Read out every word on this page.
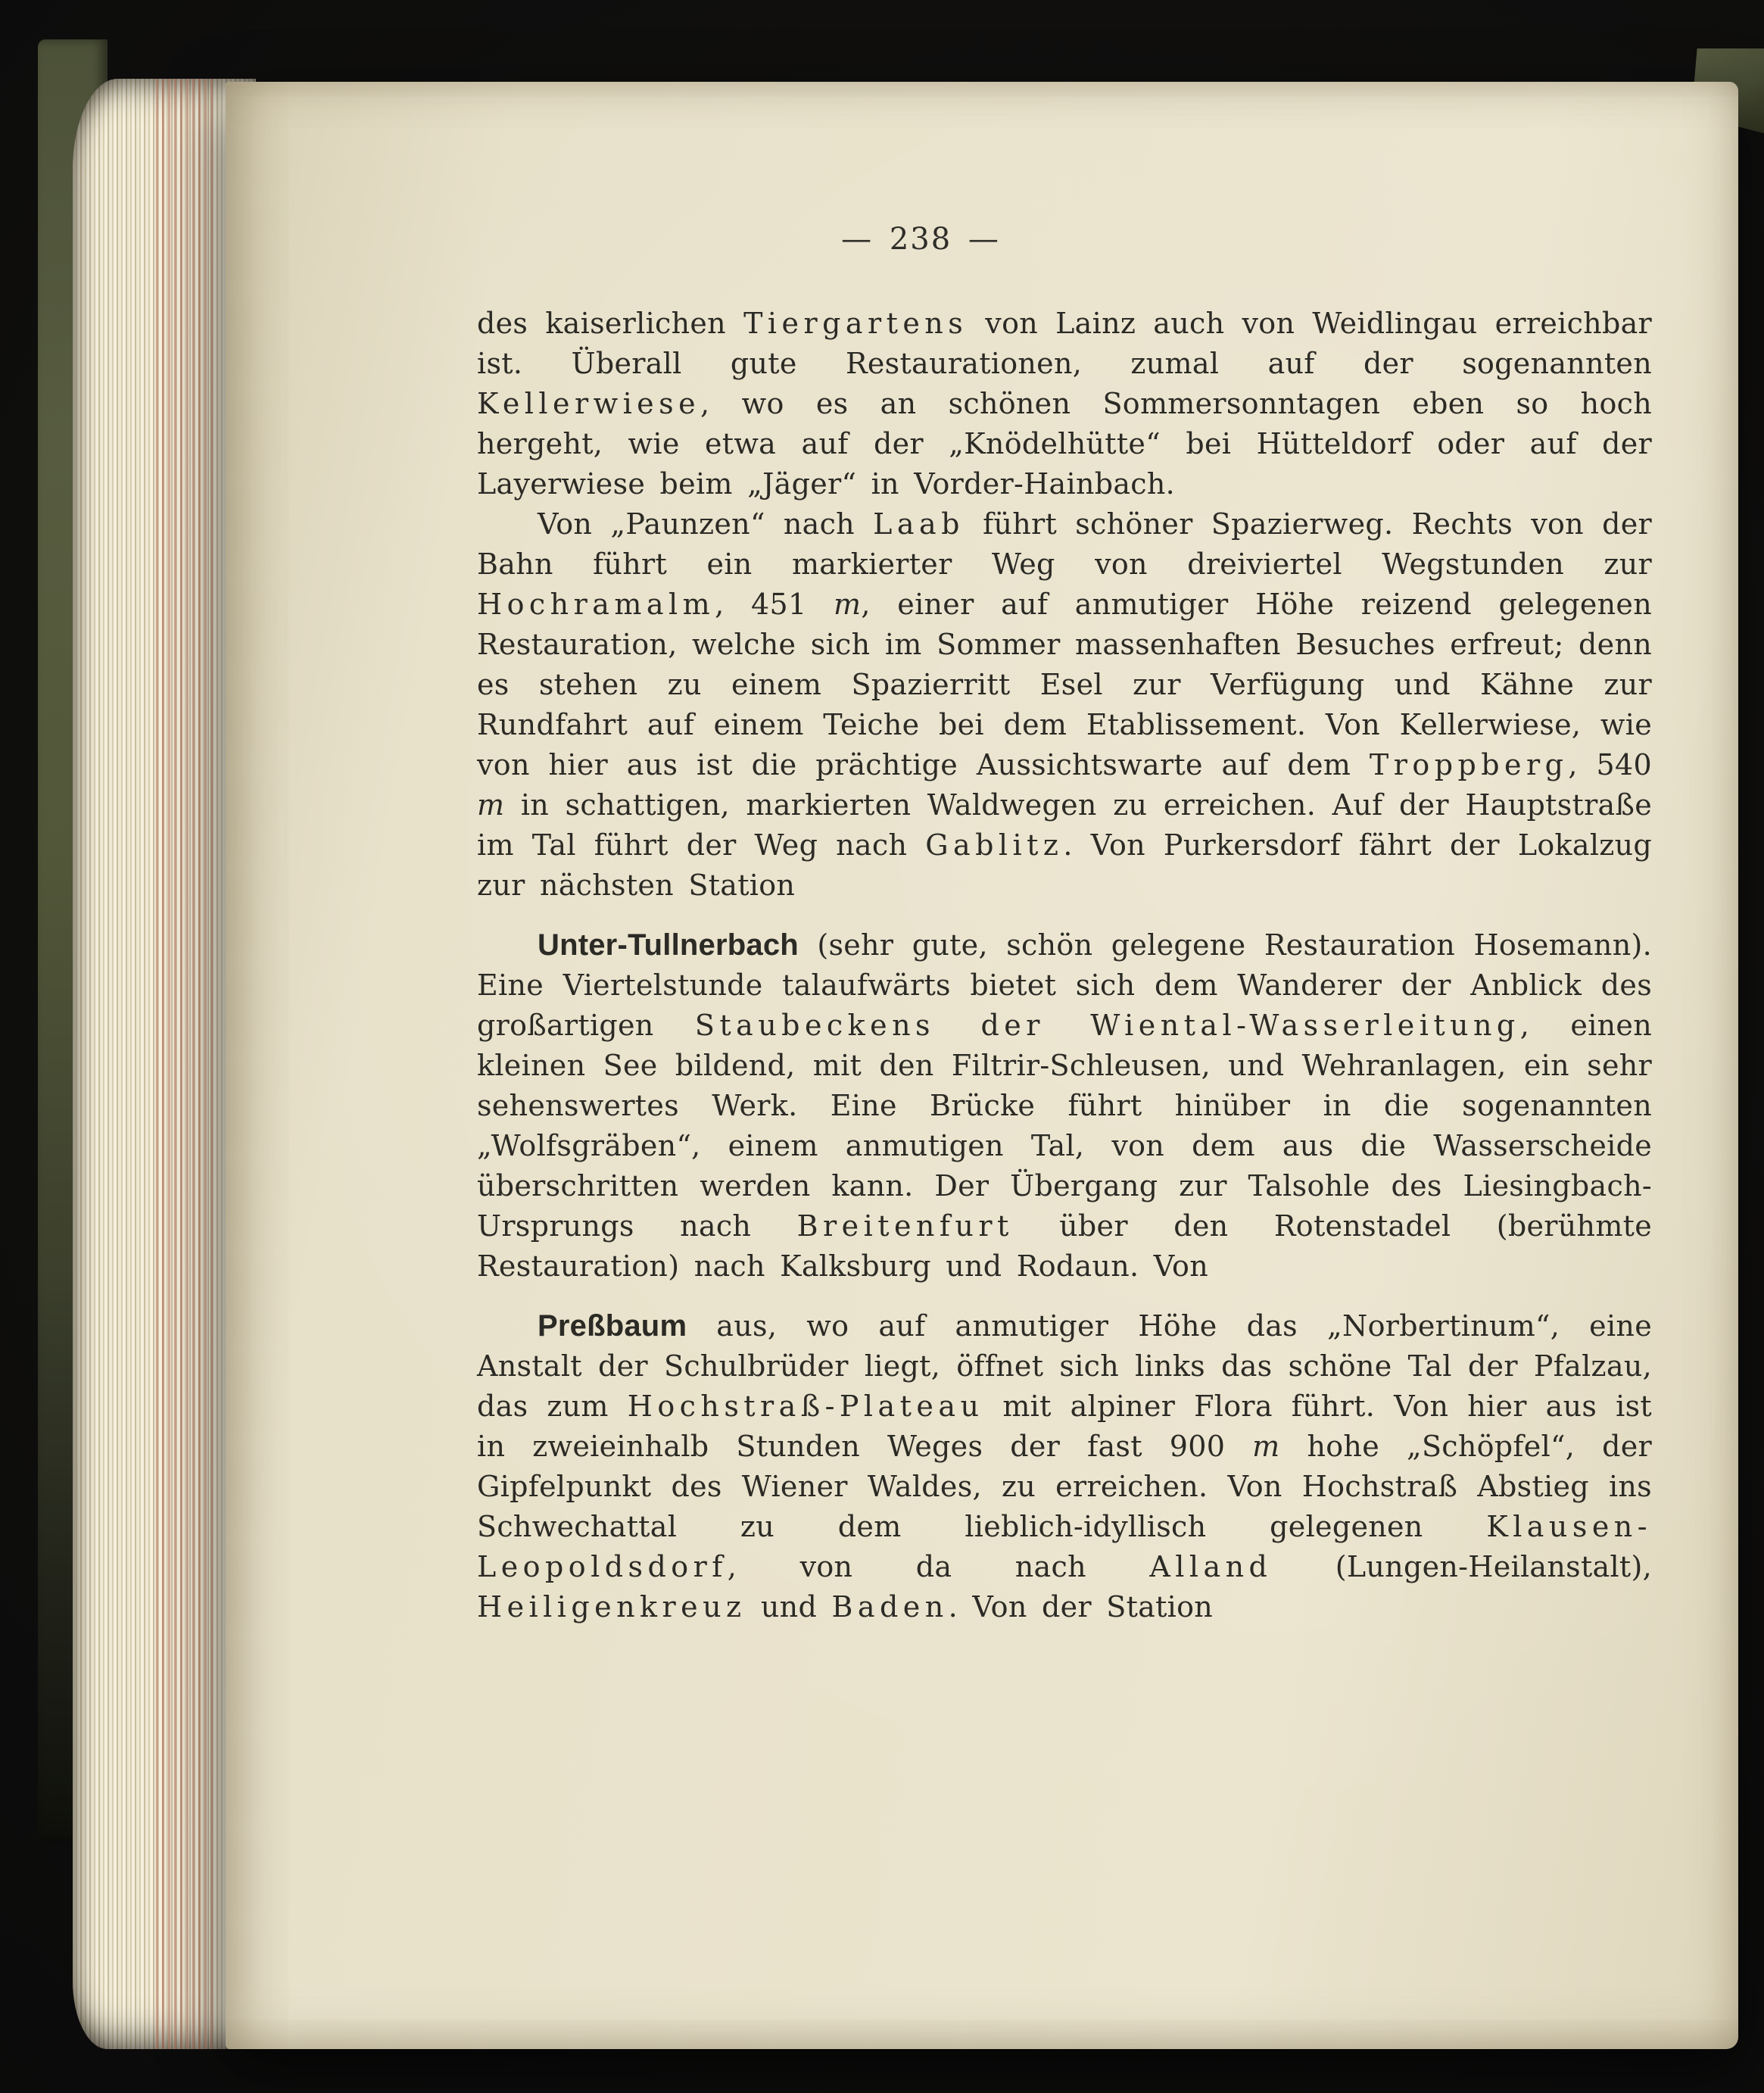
— 238 —

des kaiserlichen Tiergartens von Lainz auch von Weidlingau erreichbar ist. Überall gute Restaurationen, zumal auf der sogenannten Kellerwiese, wo es an schönen Sommersonntagen eben so hoch hergeht, wie etwa auf der „Knödelhütte“ bei Hütteldorf oder auf der Layerwiese beim „Jäger“ in Vorder-Hainbach.

Von „Paunzen“ nach Laab führt schöner Spazierweg. Rechts von der Bahn führt ein markierter Weg von dreiviertel Wegstunden zur Hochramalm, 451 m, einer auf anmutiger Höhe reizend gelegenen Restauration, welche sich im Sommer massenhaften Besuches erfreut; denn es stehen zu einem Spazierritt Esel zur Verfügung und Kähne zur Rundfahrt auf einem Teiche bei dem Etablissement. Von Kellerwiese, wie von hier aus ist die prächtige Aussichtswarte auf dem Troppberg, 540 m in schattigen, markierten Waldwegen zu erreichen. Auf der Hauptstraße im Tal führt der Weg nach Gablitz. Von Purkersdorf fährt der Lokalzug zur nächsten Station

Unter-Tullnerbach (sehr gute, schön gelegene Restauration Hosemann). Eine Viertelstunde talaufwärts bietet sich dem Wanderer der Anblick des großartigen Staubeckens der Wiental-Wasserleitung, einen kleinen See bildend, mit den Filtrir-Schleusen, und Wehranlagen, ein sehr sehenswertes Werk. Eine Brücke führt hinüber in die sogenannten „Wolfsgräben“, einem anmutigen Tal, von dem aus die Wasserscheide überschritten werden kann. Der Übergang zur Talsohle des Liesingbach-Ursprungs nach Breitenfurt über den Rotenstadel (berühmte Restauration) nach Kalksburg und Rodaun. Von

Preßbaum aus, wo auf anmutiger Höhe das „Norbertinum“, eine Anstalt der Schulbrüder liegt, öffnet sich links das schöne Tal der Pfalzau, das zum Hochstraß-Plateau mit alpiner Flora führt. Von hier aus ist in zweieinhalb Stunden Weges der fast 900 m hohe „Schöpfel“, der Gipfelpunkt des Wiener Waldes, zu erreichen. Von Hochstraß Abstieg ins Schwechattal zu dem lieblich-idyllisch gelegenen Klausen-Leopoldsdorf, von da nach Alland (Lungen-Heilanstalt), Heiligenkreuz und Baden. Von der Station
